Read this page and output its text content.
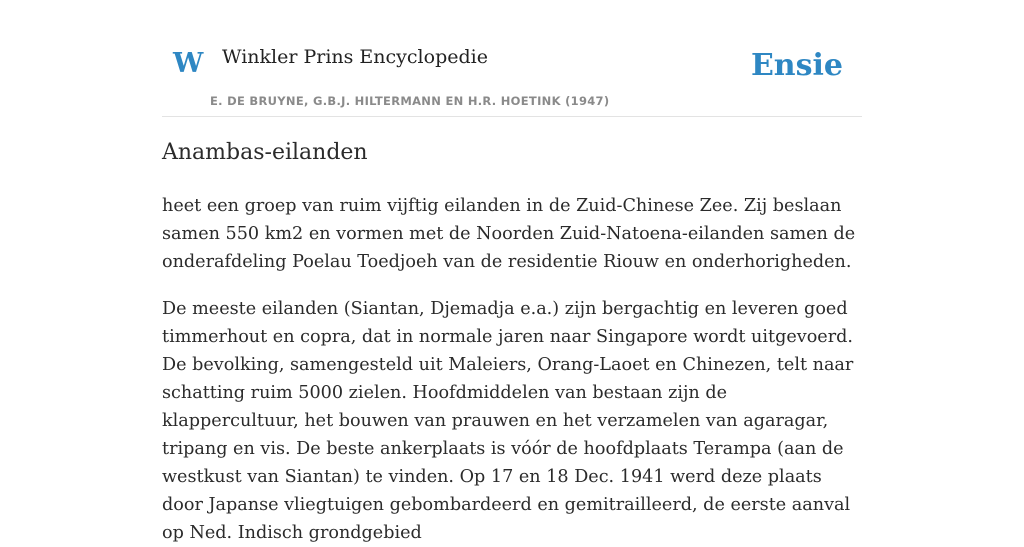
W Winkler Prins Encyclopedie
E. DE BRUYNE, G.B.J. HILTERMANN EN H.R. HOETINK (1947)
Ensie
Anambas-eilanden

heet een groep van ruim vijftig eilanden in de Zuid-Chinese Zee. Zij beslaan samen 550 km2 en vormen met de Noorden Zuid-Natoena-eilanden samen de onderafdeling Poelau Toedjoeh van de residentie Riouw en onderhorigheden.

De meeste eilanden (Siantan, Djemadja e.a.) zijn bergachtig en leveren goed timmerhout en copra, dat in normale jaren naar Singapore wordt uitgevoerd. De bevolking, samengesteld uit Maleiers, Orang-Laoet en Chinezen, telt naar schatting ruim 5000 zielen. Hoofdmiddelen van bestaan zijn de klappercultuur, het bouwen van prauwen en het verzamelen van agaragar, tripang en vis. De beste ankerplaats is vóór de hoofdplaats Terampa (aan de westkust van Siantan) te vinden. Op 17 en 18 Dec. 1941 werd deze plaats door Japanse vliegtuigen gebombardeerd en gemitrailleerd, de eerste aanval op Ned. Indisch grondgebied
